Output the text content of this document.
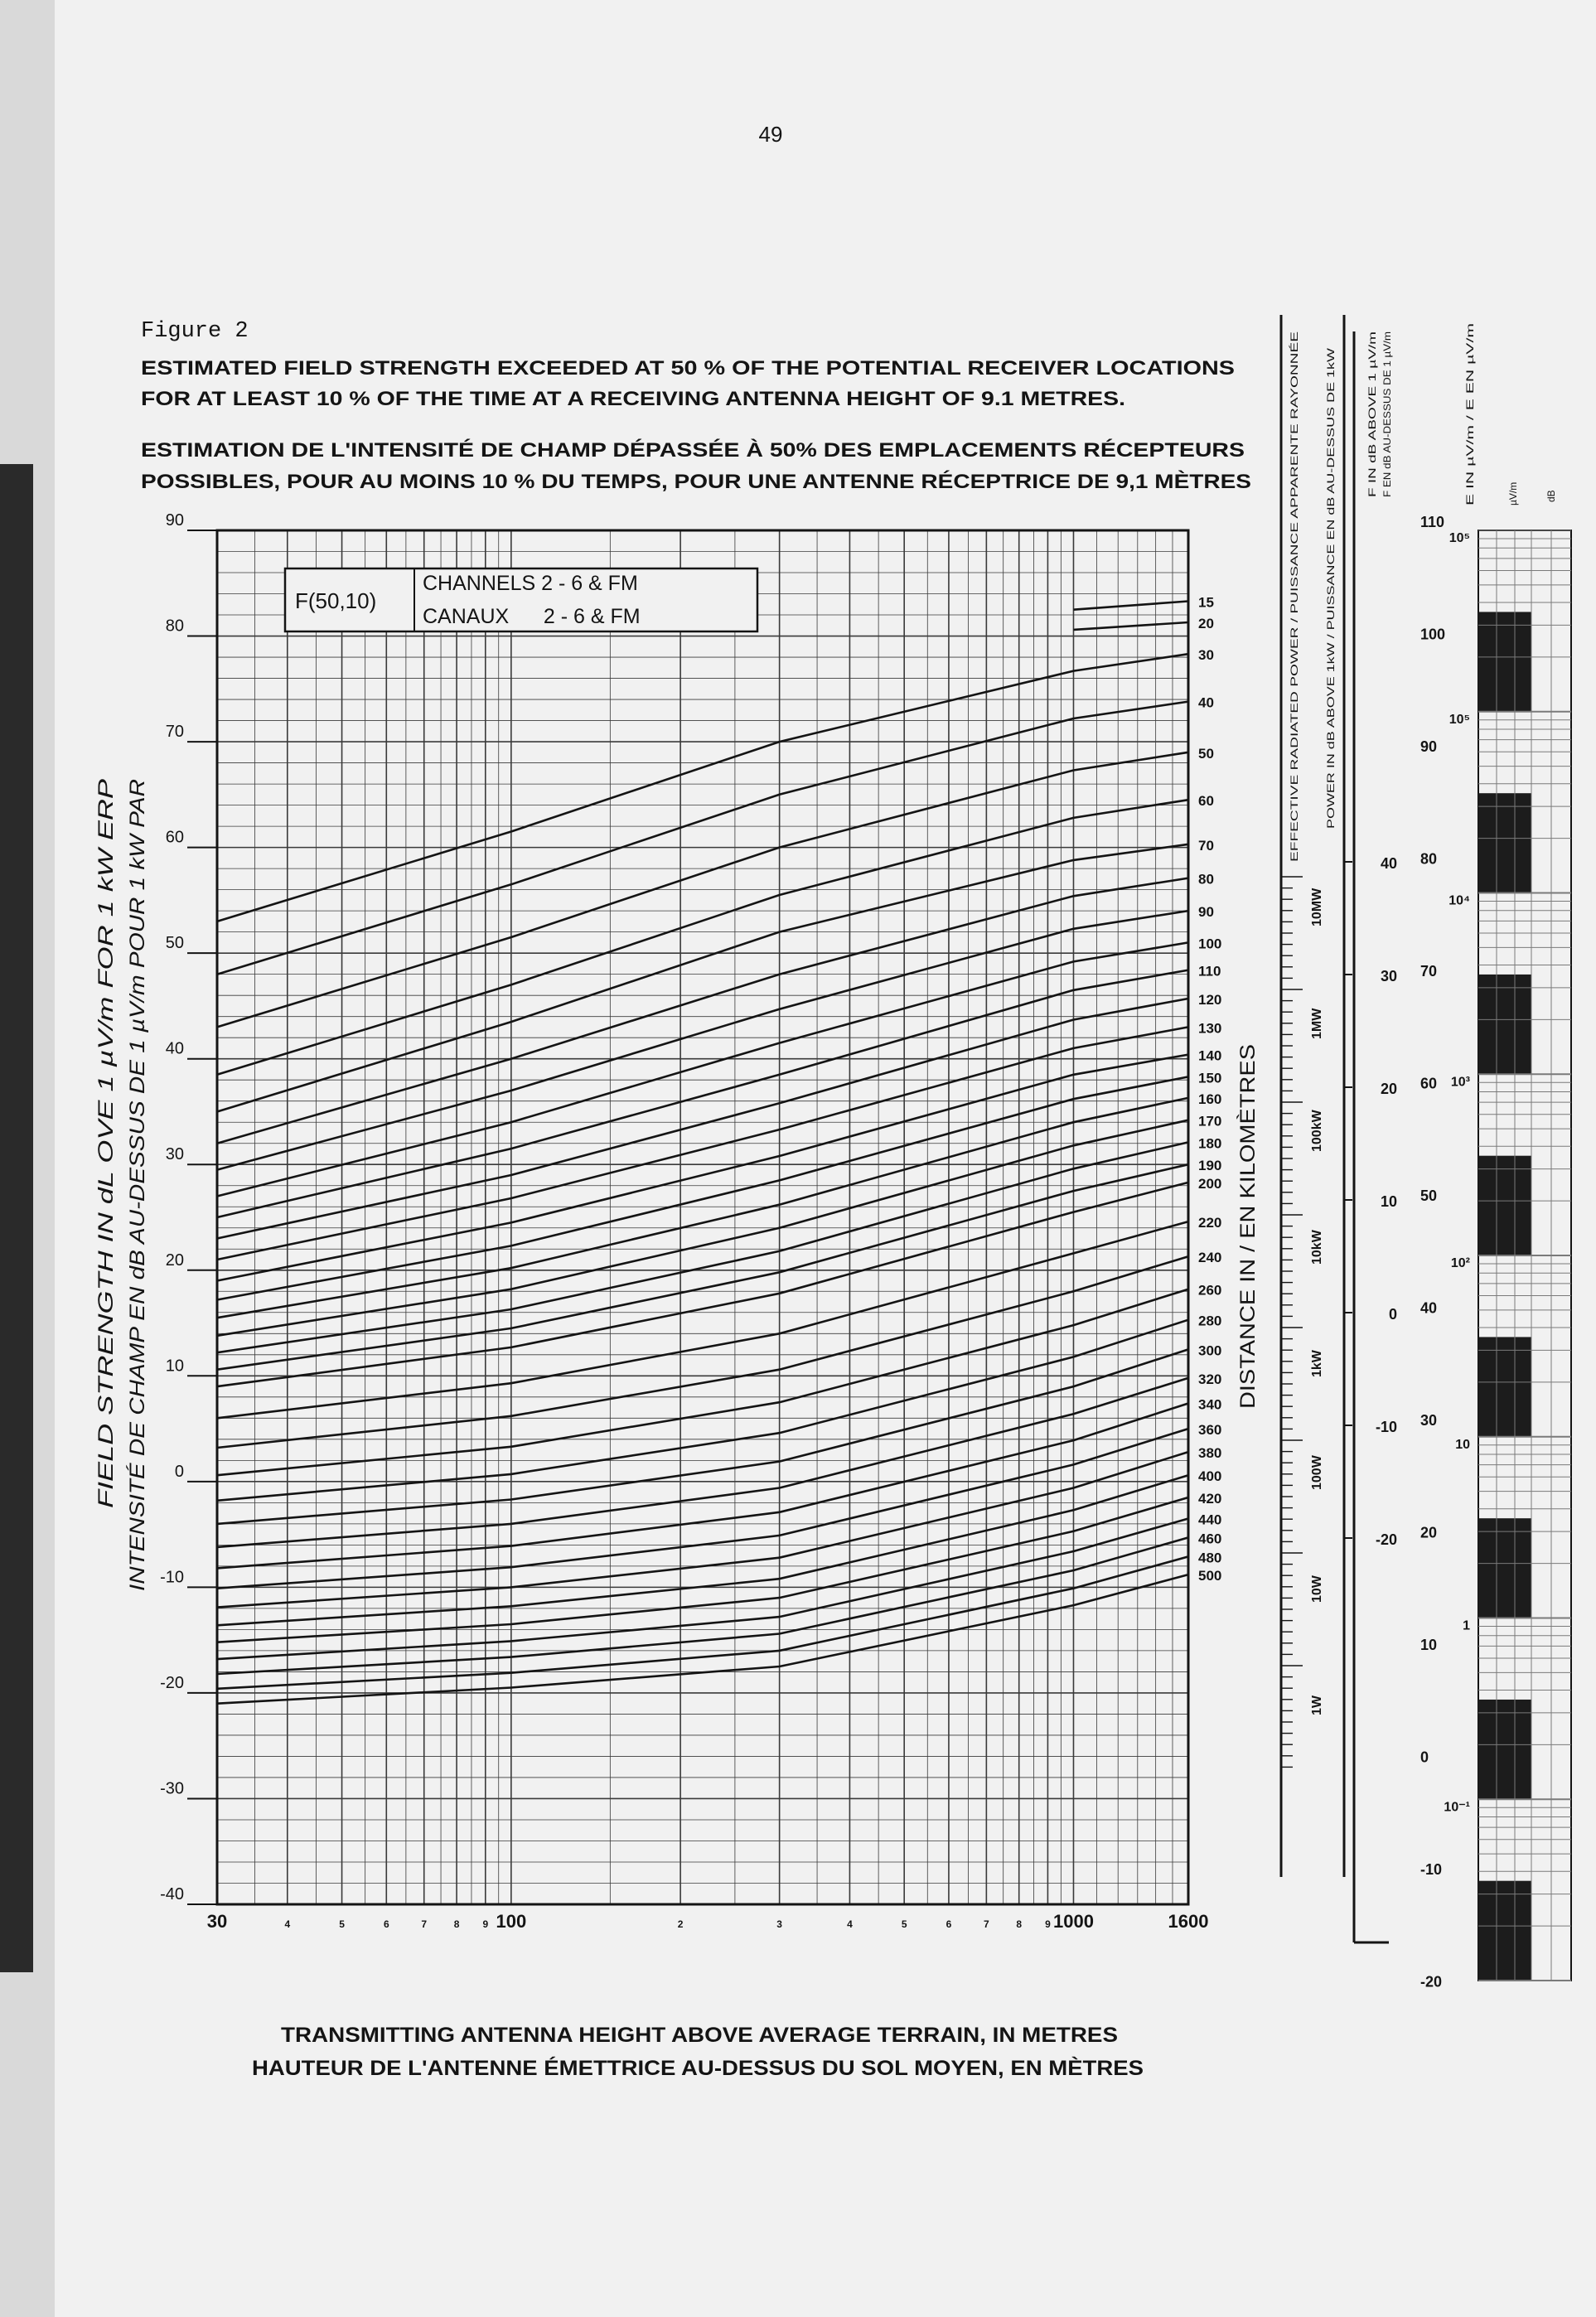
49
Figure 2
ESTIMATED FIELD STRENGTH EXCEEDED AT 50 % OF THE POTENTIAL RECEIVER LOCATIONS
FOR AT LEAST 10 % OF THE TIME AT A RECEIVING ANTENNA HEIGHT OF 9.1 METRES.
ESTIMATION DE L'INTENSITÉ DE CHAMP DÉPASSÉE À 50% DES EMPLACEMENTS RÉCEPTEURS
POSSIBLES, POUR AU MOINS 10 % DU TEMPS, POUR UNE ANTENNE RÉCEPTRICE DE 9,1 MÈTRES
90
80
70
60
50
40
30
20
10
0
-10
-20
-30
-40
30	4	5	6	7	8 9 100	2	3	4	5	6	7	8 9 1000	1600
15
20
30
40
50
60
70
80
90
100
110
120
130
140
150
160
170
180
190
200
220
240
260
280
300
320
340
360
380
400
420
440
460
480
500
F(50,10)
CHANNELS 2 - 6 & FM
CANAUX      2 - 6 & FM
FIELD STRENGTH IN dL OVE 1 µV/m FOR 1 kW ERP INTENSITÉ DE CHAMP EN dB AU-DESSUS DE 1 µV/m POUR 1 kW PAR
TRANSMITTING ANTENNA HEIGHT ABOVE AVERAGE TERRAIN, IN METRES
HAUTEUR DE L'ANTENNE ÉMETTRICE AU-DESSUS DU SOL MOYEN, EN MÈTRES
DISTANCE IN / EN KILOMÈTRES
EFFECTIVE RADIATED POWER / PUISSANCE APPARENTE RAYONNÉE
10MW
1MW
100kW
10kW
1kW
100W
10W
1W
POWER IN dB ABOVE 1kW / PUISSANCE EN dB AU-DESSUS DE 1kW
40
30
20
10
0
-10
-20
F IN dB ABOVE 1 µV/m F EN dB AU-DESSUS DE 1 µV/m
110
100
90
80
70
60
50
40
30
20
10
0
-10
-20
E IN µV/m / E EN µV/m	µV/m	dB
10⁵
10⁵
10⁴
10³
10²
10
1
10⁻¹
